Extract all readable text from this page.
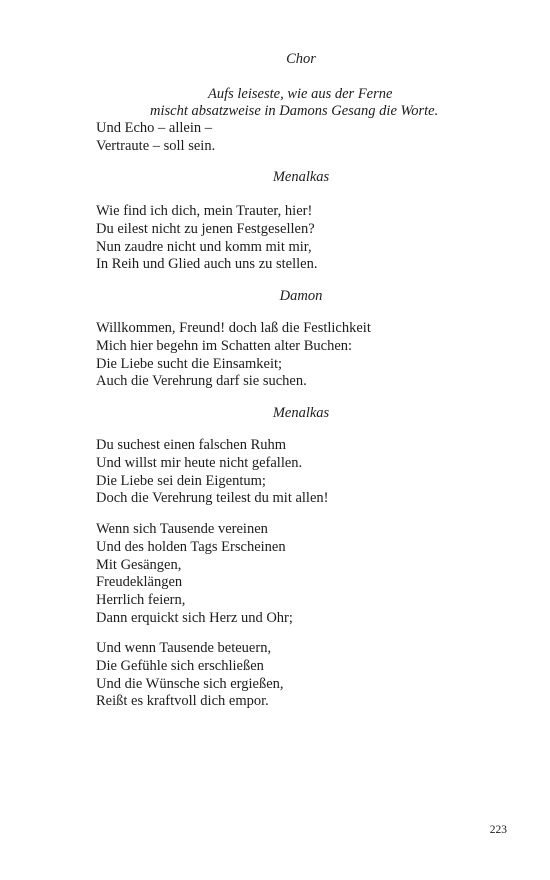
Chor

Aufs leiseste, wie aus der Ferne

mischt absatzweise in Damons Gesang die Worte.

Und Echo – allein –
Vertraute – soll sein.

Menalkas

Wie find ich dich, mein Trauter, hier!
Du eilest nicht zu jenen Festgesellen?
Nun zaudre nicht und komm mit mir,
In Reih und Glied auch uns zu stellen.

Damon

Willkommen, Freund! doch laß die Festlichkeit
Mich hier begehn im Schatten alter Buchen:
Die Liebe sucht die Einsamkeit;
Auch die Verehrung darf sie suchen.

Menalkas

Du suchest einen falschen Ruhm
Und willst mir heute nicht gefallen.
Die Liebe sei dein Eigentum;
Doch die Verehrung teilest du mit allen!
Wenn sich Tausende vereinen
Und des holden Tags Erscheinen
Mit Gesängen,
Freudeklängen
Herrlich feiern,
Dann erquickt sich Herz und Ohr;
Und wenn Tausende beteuern,
Die Gefühle sich erschließen
Und die Wünsche sich ergießen,
Reißt es kraftvoll dich empor.

223
